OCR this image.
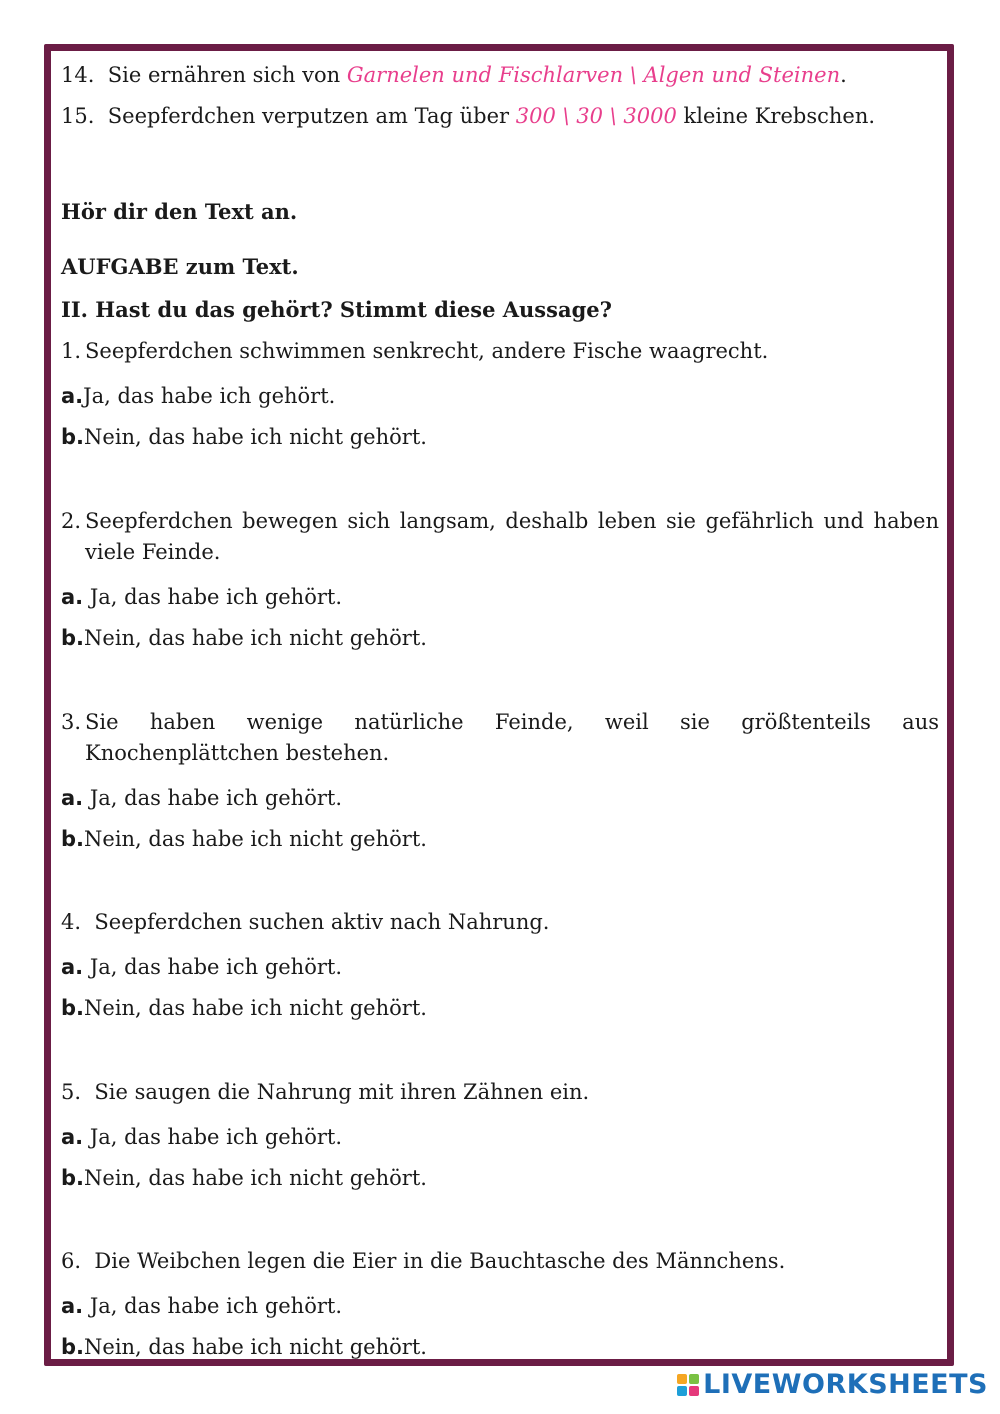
14. Sie ernähren sich von Garnelen und Fischlarven \ Algen und Steinen.
15. Seepferdchen verputzen am Tag über 300 \ 30 \ 3000 kleine Krebschen.
Hör dir den Text an.
AUFGABE zum Text.
II. Hast du das gehört? Stimmt diese Aussage?
1. Seepferdchen schwimmen senkrecht, andere Fische waagrecht.
a.Ja, das habe ich gehört.
b.Nein, das habe ich nicht gehört.
2. Seepferdchen bewegen sich langsam, deshalb leben sie gefährlich und haben viele Feinde.
a. Ja, das habe ich gehört.
b.Nein, das habe ich nicht gehört.
3. Sie haben wenige natürliche Feinde, weil sie größtenteils aus Knochenplättchen bestehen.
a. Ja, das habe ich gehört.
b.Nein, das habe ich nicht gehört.
4. Seepferdchen suchen aktiv nach Nahrung.
a. Ja, das habe ich gehört.
b.Nein, das habe ich nicht gehört.
5. Sie saugen die Nahrung mit ihren Zähnen ein.
a. Ja, das habe ich gehört.
b.Nein, das habe ich nicht gehört.
6. Die Weibchen legen die Eier in die Bauchtasche des Männchens.
a. Ja, das habe ich gehört.
b.Nein, das habe ich nicht gehört.
LIVEWORKSHEETS
